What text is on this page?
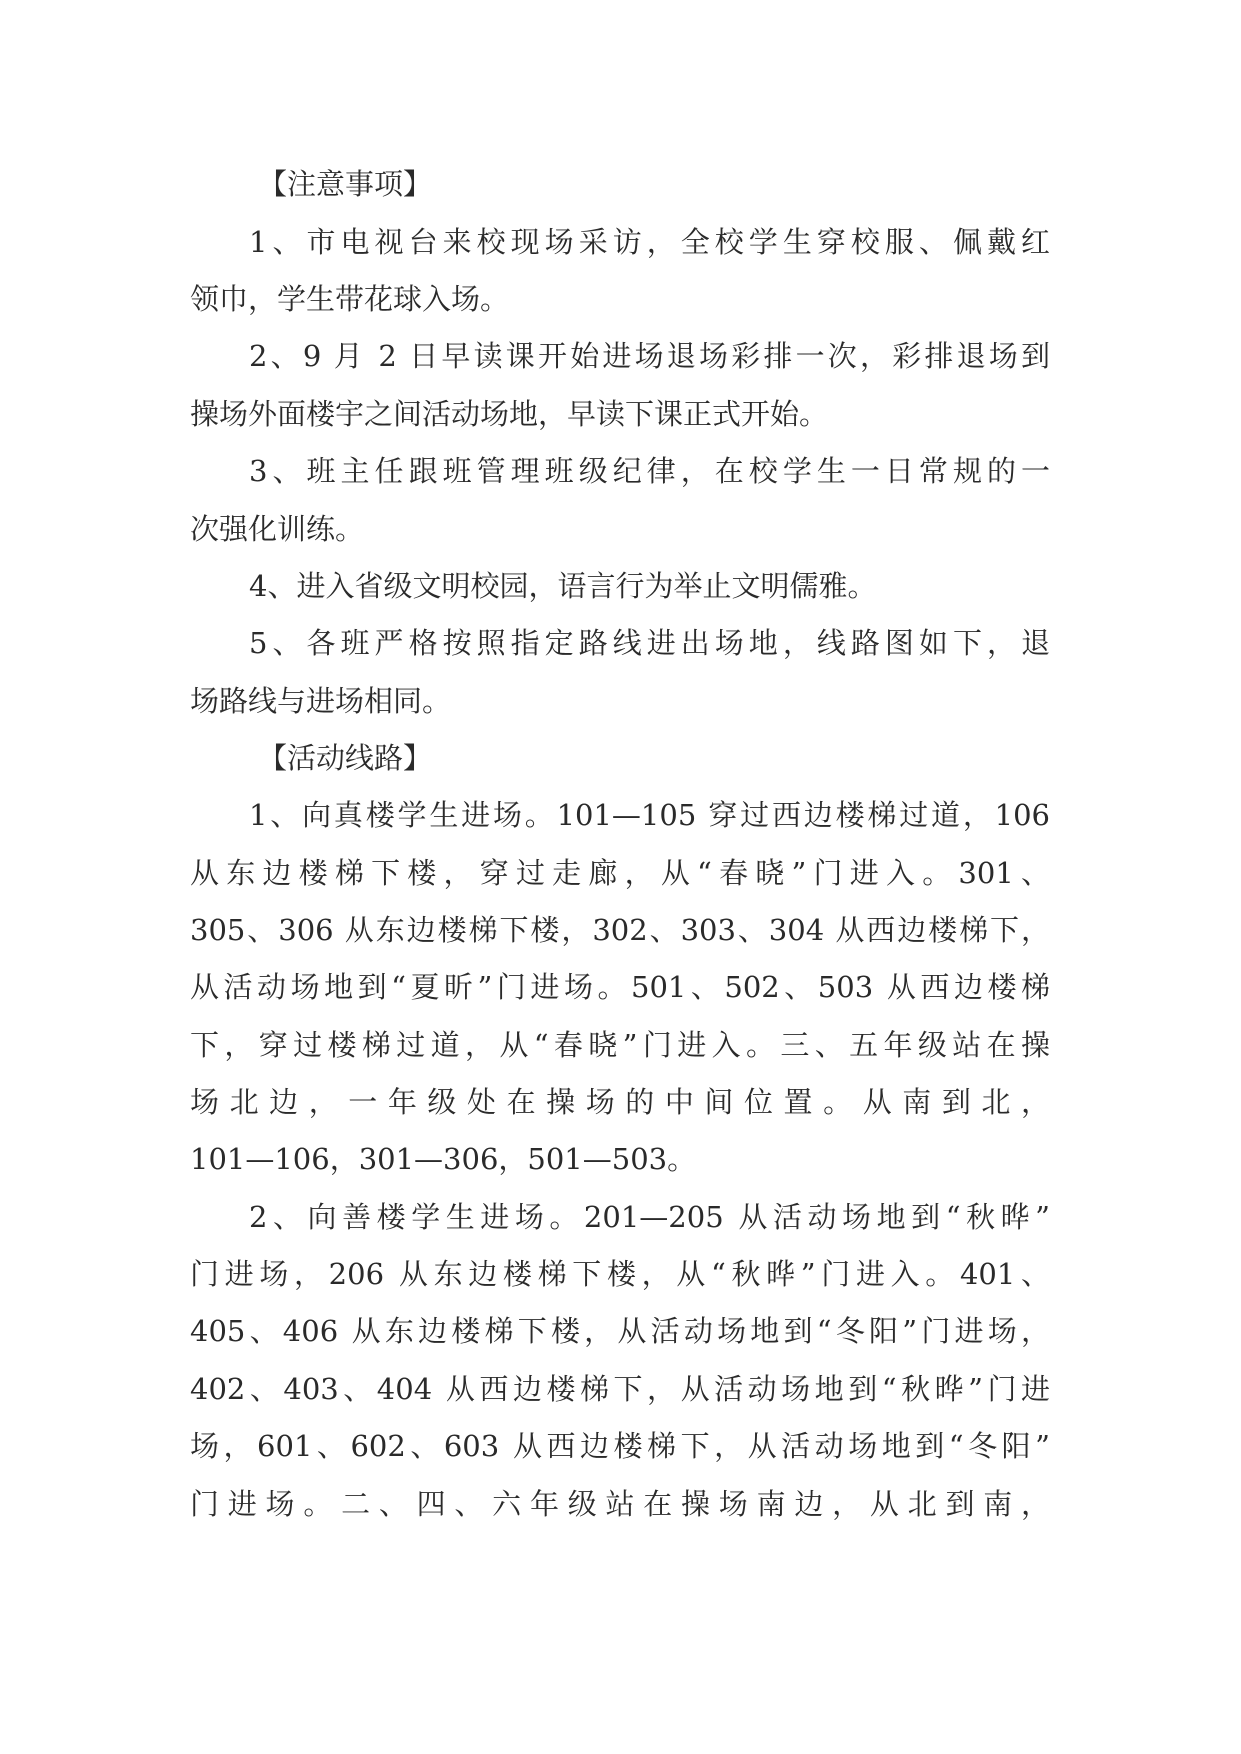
【注意事项】
1、市电视台来校现场采访，全校学生穿校服、佩戴红
领巾，学生带花球入场。
2、9 月 2 日早读课开始进场退场彩排一次，彩排退场到
操场外面楼宇之间活动场地，早读下课正式开始。
3、班主任跟班管理班级纪律，在校学生一日常规的一
次强化训练。
4、进入省级文明校园，语言行为举止文明儒雅。
5、各班严格按照指定路线进出场地，线路图如下，退
场路线与进场相同。
【活动线路】
1、向真楼学生进场。101—105 穿过西边楼梯过道，106
从东边楼梯下楼，穿过走廊，从“春晓”门进入。301、
305、306 从东边楼梯下楼，302、303、304 从西边楼梯下，
从活动场地到“夏昕”门进场。501、502、503 从西边楼梯
下，穿过楼梯过道，从“春晓”门进入。三、五年级站在操
场北边，一年级处在操场的中间位置。从南到北，
101—106，301—306，501—503。
2、向善楼学生进场。201—205 从活动场地到“秋晔”
门进场，206 从东边楼梯下楼，从“秋晔”门进入。401、
405、406 从东边楼梯下楼，从活动场地到“冬阳”门进场，
402、403、404 从西边楼梯下，从活动场地到“秋晔”门进
场，601、602、603 从西边楼梯下，从活动场地到“冬阳”
门进场。二、四、六年级站在操场南边，从北到南，
